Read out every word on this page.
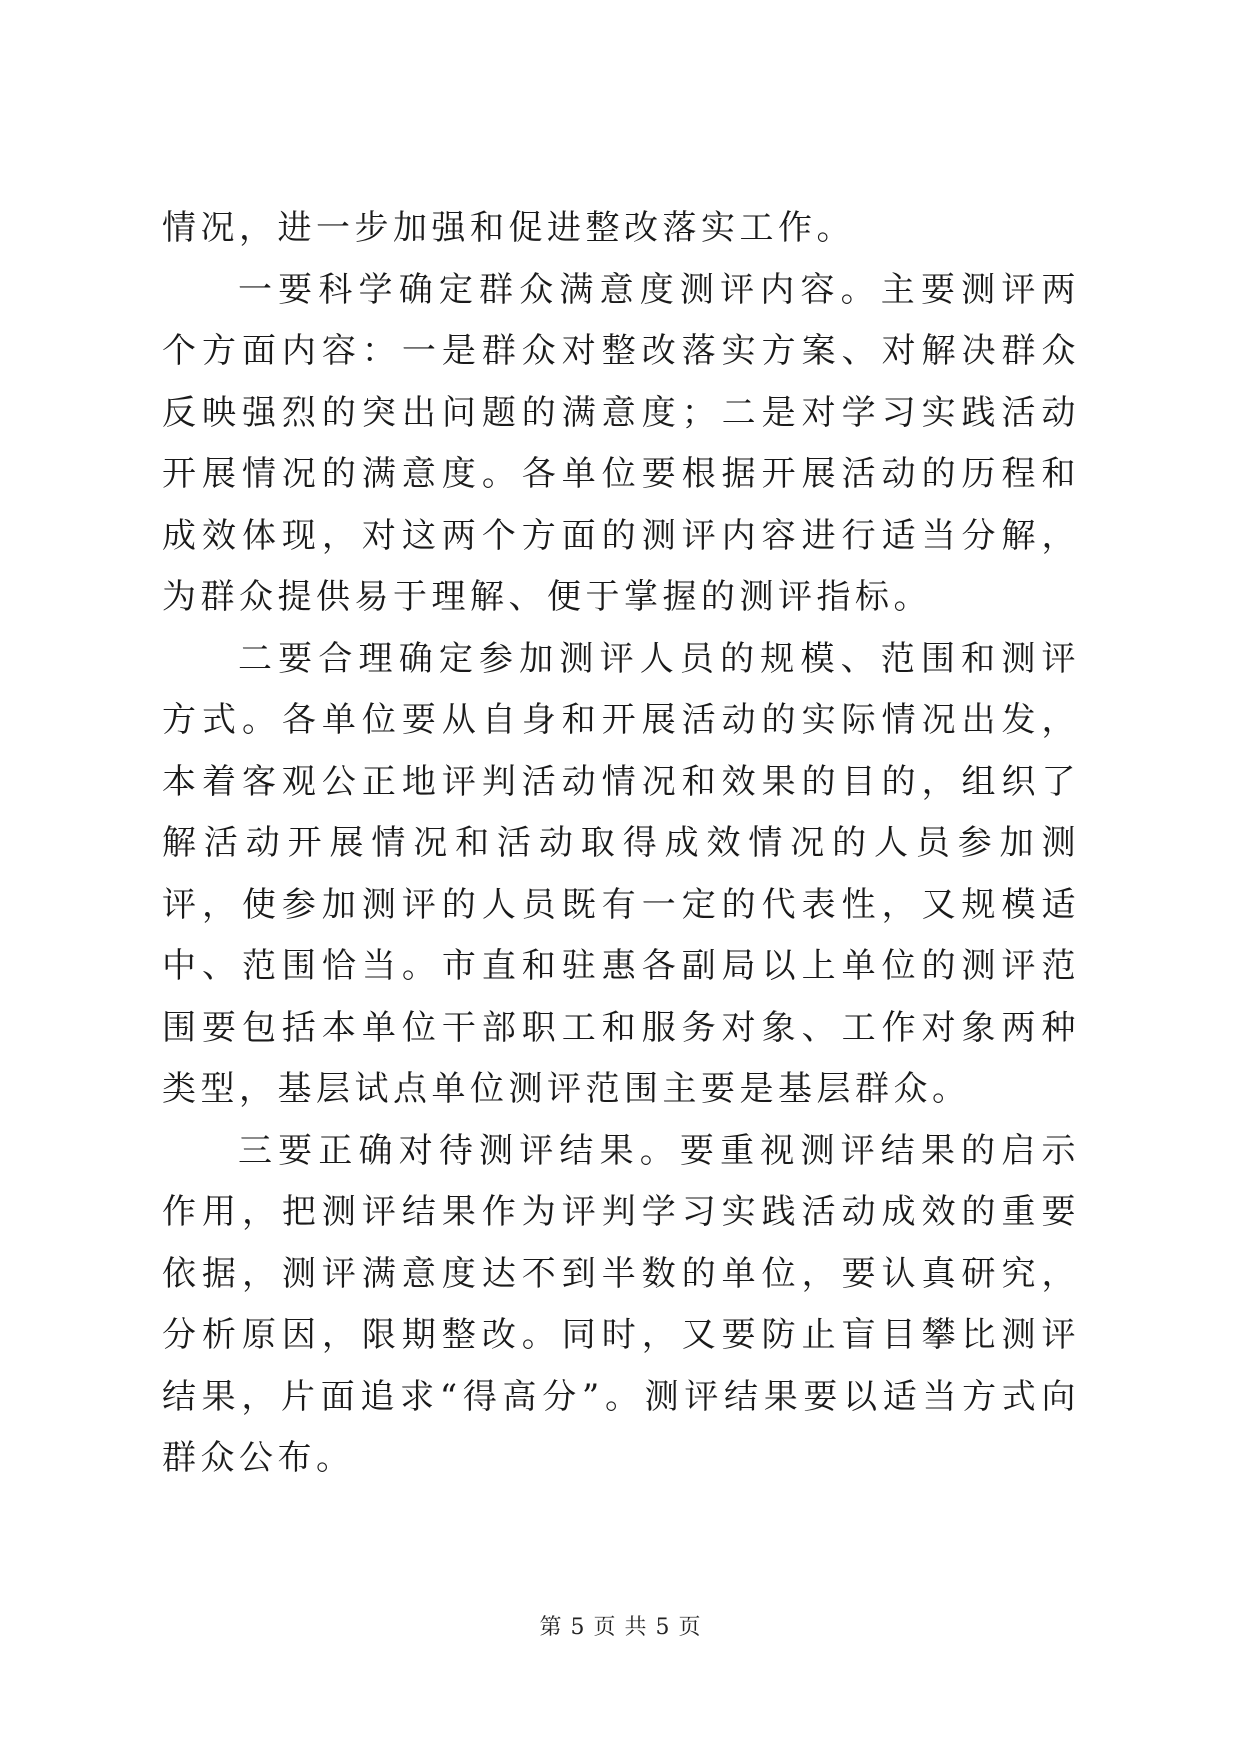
情况，进一步加强和促进整改落实工作。

一要科学确定群众满意度测评内容。主要测评两个方面内容：一是群众对整改落实方案、对解决群众反映强烈的突出问题的满意度；二是对学习实践活动开展情况的满意度。各单位要根据开展活动的历程和成效体现，对这两个方面的测评内容进行适当分解，为群众提供易于理解、便于掌握的测评指标。

二要合理确定参加测评人员的规模、范围和测评方式。各单位要从自身和开展活动的实际情况出发，本着客观公正地评判活动情况和效果的目的，组织了解活动开展情况和活动取得成效情况的人员参加测评，使参加测评的人员既有一定的代表性，又规模适中、范围恰当。市直和驻惠各副局以上单位的测评范围要包括本单位干部职工和服务对象、工作对象两种类型，基层试点单位测评范围主要是基层群众。

三要正确对待测评结果。要重视测评结果的启示作用，把测评结果作为评判学习实践活动成效的重要依据，测评满意度达不到半数的单位，要认真研究，分析原因，限期整改。同时，又要防止盲目攀比测评结果，片面追求“得高分”。测评结果要以适当方式向群众公布。

第 5 页 共 5 页
